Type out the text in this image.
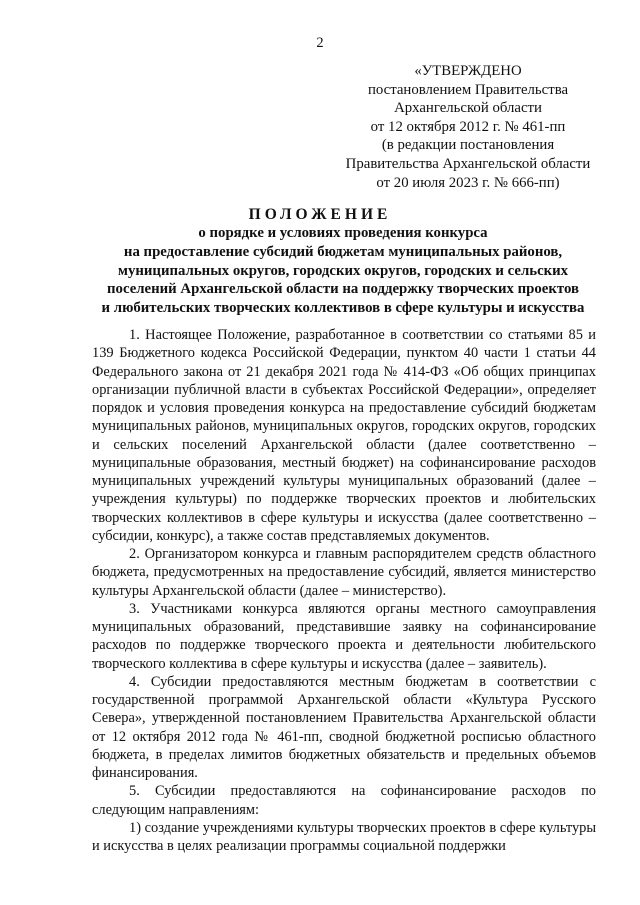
2
«УТВЕРЖДЕНО
постановлением Правительства
Архангельской области
от 12 октября 2012 г. № 461-пп
(в редакции постановления
Правительства Архангельской области
от 20 июля 2023 г. № 666-пп)
ПОЛОЖЕНИЕ
о порядке и условиях проведения конкурса
на предоставление субсидий бюджетам муниципальных районов,
муниципальных округов, городских округов, городских и сельских
поселений Архангельской области на поддержку творческих проектов
и любительских творческих коллективов в сфере культуры и искусства

1. Настоящее Положение, разработанное в соответствии со статьями 85 и 139 Бюджетного кодекса Российской Федерации, пунктом 40 части 1 статьи 44 Федерального закона от 21 декабря 2021 года № 414-ФЗ «Об общих принципах организации публичной власти в субъектах Российской Федерации», определяет порядок и условия проведения конкурса на предоставление субсидий бюджетам муниципальных районов, муниципальных округов, городских округов, городских и сельских поселений Архангельской области (далее соответственно – муниципальные образования, местный бюджет) на софинансирование расходов муниципальных учреждений культуры муниципальных образований (далее – учреждения культуры) по поддержке творческих проектов и любительских творческих коллективов в сфере культуры и искусства (далее соответственно – субсидии, конкурс), а также состав представляемых документов.

2. Организатором конкурса и главным распорядителем средств областного бюджета, предусмотренных на предоставление субсидий, является министерство культуры Архангельской области (далее – министерство).

3. Участниками конкурса являются органы местного самоуправления муниципальных образований, представившие заявку на софинансирование расходов по поддержке творческого проекта и деятельности любительского творческого коллектива в сфере культуры и искусства (далее – заявитель).

4. Субсидии предоставляются местным бюджетам в соответствии с государственной программой Архангельской области «Культура Русского Севера», утвержденной постановлением Правительства Архангельской области от 12 октября 2012 года № 461-пп, сводной бюджетной росписью областного бюджета, в пределах лимитов бюджетных обязательств и предельных объемов финансирования.

5. Субсидии предоставляются на софинансирование расходов по следующим направлениям:

1) создание учреждениями культуры творческих проектов в сфере культуры и искусства в целях реализации программы социальной поддержки
